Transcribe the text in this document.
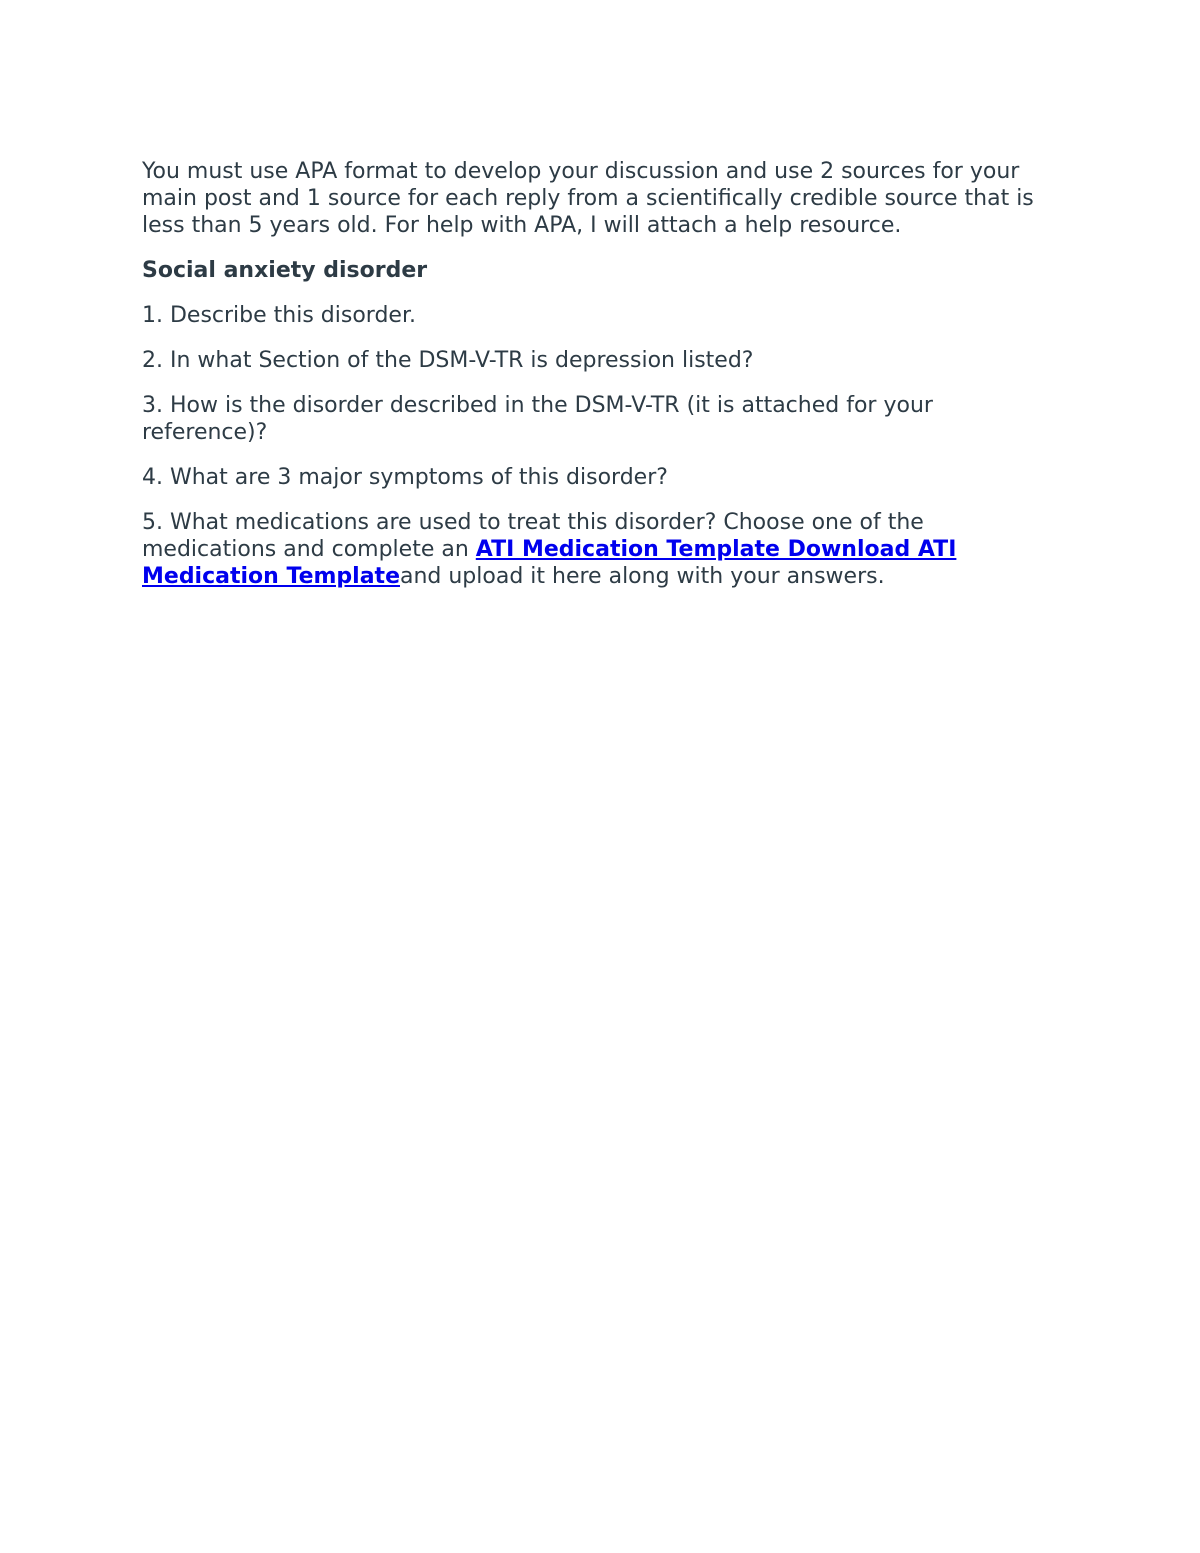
You must use APA format to develop your discussion and use 2 sources for your main post and 1 source for each reply from a scientifically credible source that is less than 5 years old. For help with APA, I will attach a help resource.

Social anxiety disorder

1. Describe this disorder.

2. In what Section of the DSM-V-TR is depression listed?

3. How is the disorder described in the DSM-V-TR (it is attached for your reference)?

4. What are 3 major symptoms of this disorder?

5. What medications are used to treat this disorder? Choose one of the medications and complete an ATI Medication Template Download ATI Medication Templateand upload it here along with your answers.
